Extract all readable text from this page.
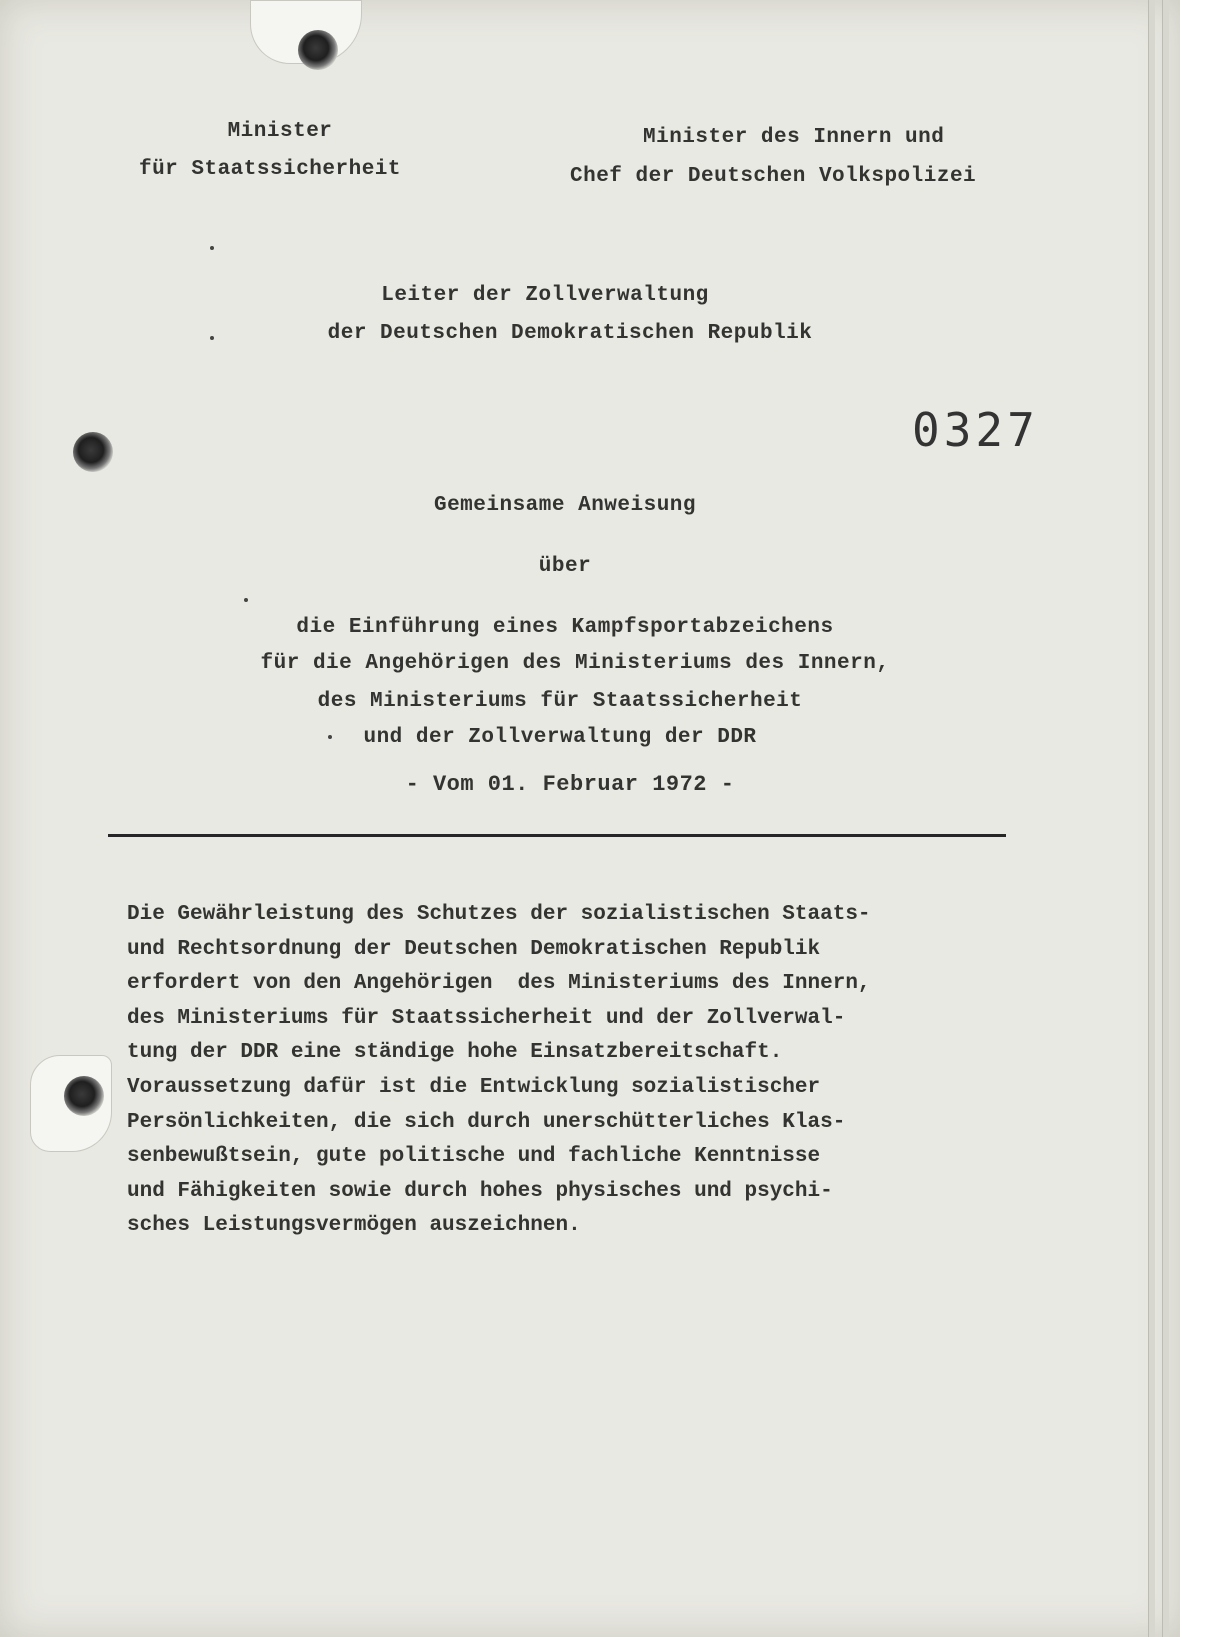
Minister
für Staatssicherheit
Minister des Innern und
Chef der Deutschen Volkspolizei
Leiter der Zollverwaltung
der Deutschen Demokratischen Republik
0327
Gemeinsame Anweisung
über
die Einführung eines Kampfsportabzeichens
für die Angehörigen des Ministeriums des Innern,
des Ministeriums für Staatssicherheit
und der Zollverwaltung der DDR
- Vom 01. Februar 1972 -
Die Gewährleistung des Schutzes der sozialistischen Staats-
und Rechtsordnung der Deutschen Demokratischen Republik
erfordert von den Angehörigen  des Ministeriums des Innern,
des Ministeriums für Staatssicherheit und der Zollverwal-
tung der DDR eine ständige hohe Einsatzbereitschaft.
Voraussetzung dafür ist die Entwicklung sozialistischer
Persönlichkeiten, die sich durch unerschütterliches Klas-
senbewußtsein, gute politische und fachliche Kenntnisse
und Fähigkeiten sowie durch hohes physisches und psychi-
sches Leistungsvermögen auszeichnen.
